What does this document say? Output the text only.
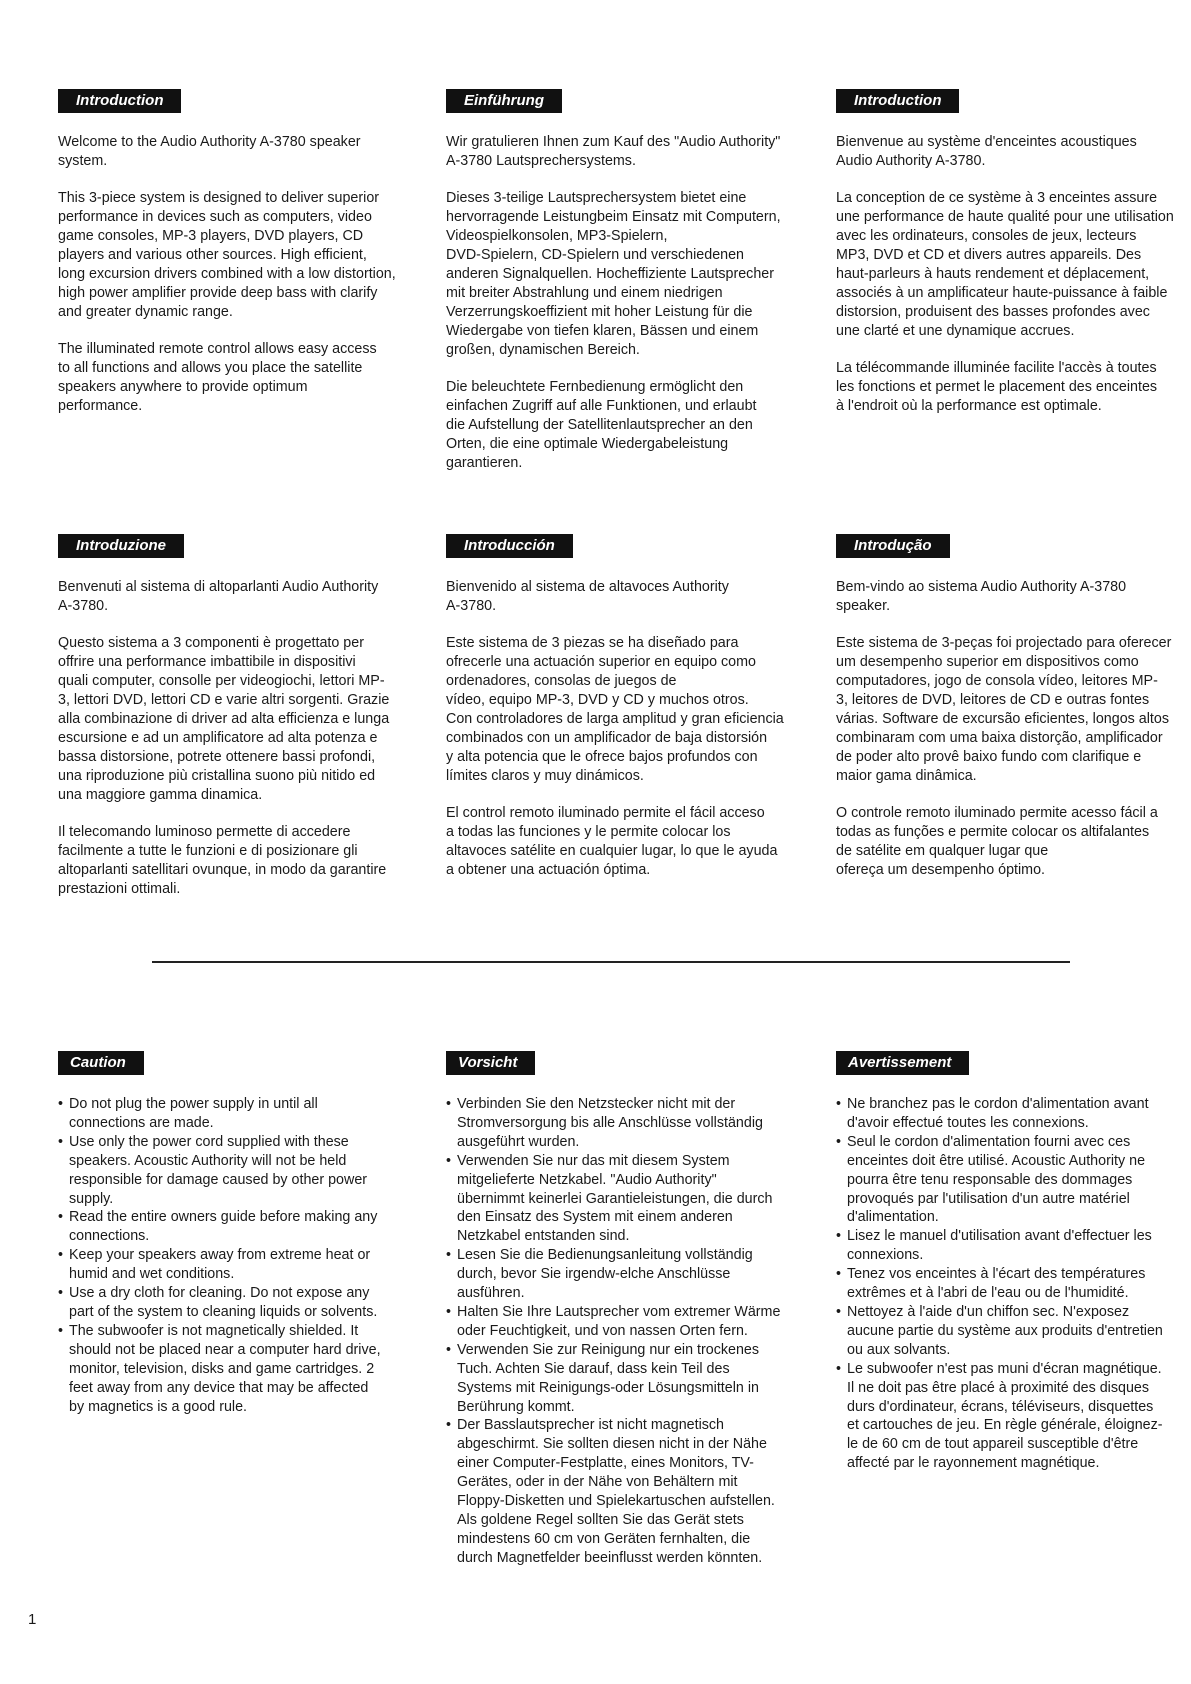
Introduction

Welcome to the Audio Authority A-3780 speaker
system.

This 3-piece system is designed to deliver superior
performance in devices such as computers, video
game consoles, MP-3 players, DVD players, CD
players and various other sources. High efficient,
long excursion drivers combined with a low distortion,
high power amplifier provide deep bass with clarify
and greater dynamic range.

The illuminated remote control allows easy access
to all functions and allows you place the satellite
speakers anywhere to provide optimum
performance.

Einführung

Wir gratulieren Ihnen zum Kauf des "Audio Authority"
A-3780 Lautsprechersystems.

Dieses 3-teilige Lautsprechersystem bietet eine
hervorragende Leistungbeim Einsatz mit Computern,
Videospielkonsolen, MP3-Spielern,
DVD-Spielern, CD-Spielern und verschiedenen
anderen Signalquellen. Hocheffiziente Lautsprecher
mit breiter Abstrahlung und einem niedrigen
Verzerrungskoeffizient mit hoher Leistung für die
Wiedergabe von tiefen klaren, Bässen und einem
großen, dynamischen Bereich.

Die beleuchtete Fernbedienung ermöglicht den
einfachen Zugriff auf alle Funktionen, und erlaubt
die Aufstellung der Satellitenlautsprecher an den
Orten, die eine optimale Wiedergabeleistung
garantieren.

Introduction

Bienvenue au système d'enceintes acoustiques
Audio Authority A-3780.

La conception de ce système à 3 enceintes assure
une performance de haute qualité pour une utilisation
avec les ordinateurs, consoles de jeux, lecteurs
MP3, DVD et CD et divers autres appareils. Des
haut-parleurs à hauts rendement et déplacement,
associés à un amplificateur haute-puissance à faible
distorsion, produisent des basses profondes avec
une clarté et une dynamique accrues.

La télécommande illuminée facilite l'accès à toutes
les fonctions et permet le placement des enceintes
à l'endroit où la performance est optimale.

Introduzione

Benvenuti al sistema di altoparlanti Audio Authority
A-3780.

Questo sistema a 3 componenti è progettato per
offrire una performance imbattibile in dispositivi
quali computer, consolle per videogiochi, lettori MP-
3, lettori DVD, lettori CD e varie altri sorgenti. Grazie
alla combinazione di driver ad alta efficienza e lunga
escursione e ad un amplificatore ad alta potenza e
bassa distorsione, potrete ottenere bassi profondi,
una riproduzione più cristallina suono più nitido ed
una maggiore gamma dinamica.

Il telecomando luminoso permette di accedere
facilmente a tutte le funzioni e di posizionare gli
altoparlanti satellitari ovunque, in modo da garantire
prestazioni ottimali.

Introducción

Bienvenido al sistema de altavoces Authority
A-3780.

Este sistema de 3 piezas se ha diseñado para
ofrecerle una actuación superior en equipo como
ordenadores, consolas de juegos de
vídeo, equipo MP-3, DVD y CD y muchos otros.
Con controladores de larga amplitud y gran eficiencia
combinados con un amplificador de baja distorsión
y alta potencia que le ofrece bajos profundos con
límites claros y muy dinámicos.

El control remoto iluminado permite el fácil acceso
a todas las funciones y le permite colocar los
altavoces satélite en cualquier lugar, lo que le ayuda
a obtener una actuación óptima.

Introdução

Bem-vindo ao sistema Audio Authority A-3780
speaker.

Este sistema de 3-peças foi projectado para oferecer
um desempenho superior em dispositivos como
computadores, jogo de consola vídeo, leitores MP-
3, leitores de DVD, leitores de CD e outras fontes
várias. Software de excursão eficientes, longos altos
combinaram com uma baixa distorção, amplificador
de poder alto provê baixo fundo com clarifique e
maior gama dinâmica.

O controle remoto iluminado permite acesso fácil a
todas as funções e permite colocar os altifalantes
de satélite em qualquer lugar que
ofereça um desempenho óptimo.

Caution
• Do not plug the power supply in until all
connections are made.
• Use only the power cord supplied with these
speakers. Acoustic Authority will not be held
responsible for damage caused by other power
supply.
• Read the entire owners guide before making any
connections.
• Keep your speakers away from extreme heat or
humid and wet conditions.
• Use a dry cloth for cleaning. Do not expose any
part of the system to cleaning liquids or solvents.
• The subwoofer is not magnetically shielded. It
should not be placed near a computer hard drive,
monitor, television, disks and game cartridges. 2
feet away from any device that may be affected
by magnetics is a good rule.
Vorsicht
• Verbinden Sie den Netzstecker nicht mit der
Stromversorgung bis alle Anschlüsse vollständig
ausgeführt wurden.
• Verwenden Sie nur das mit diesem System
mitgelieferte Netzkabel. "Audio Authority"
übernimmt keinerlei Garantieleistungen, die durch
den Einsatz des System mit einem anderen
Netzkabel entstanden sind.
• Lesen Sie die Bedienungsanleitung vollständig
durch, bevor Sie irgendw-elche Anschlüsse
ausführen.
• Halten Sie Ihre Lautsprecher vom extremer Wärme
oder Feuchtigkeit, und von nassen Orten fern.
• Verwenden Sie zur Reinigung nur ein trockenes
Tuch. Achten Sie darauf, dass kein Teil des
Systems mit Reinigungs-oder Lösungsmitteln in
Berührung kommt.
• Der Basslautsprecher ist nicht magnetisch
abgeschirmt. Sie sollten diesen nicht in der Nähe
einer Computer-Festplatte, eines Monitors, TV-
Gerätes, oder in der Nähe von Behältern mit
Floppy-Disketten und Spielekartuschen aufstellen.
Als goldene Regel sollten Sie das Gerät stets
mindestens 60 cm von Geräten fernhalten, die
durch Magnetfelder beeinflusst werden könnten.
Avertissement
• Ne branchez pas le cordon d'alimentation avant
d'avoir effectué toutes les connexions.
• Seul le cordon d'alimentation fourni avec ces
enceintes doit être utilisé. Acoustic Authority ne
pourra être tenu responsable des dommages
provoqués par l'utilisation d'un autre matériel
d'alimentation.
• Lisez le manuel d'utilisation avant d'effectuer les
connexions.
• Tenez vos enceintes à l'écart des températures
extrêmes et à l'abri de l'eau ou de l'humidité.
• Nettoyez à l'aide d'un chiffon sec. N'exposez
aucune partie du système aux produits d'entretien
ou aux solvants.
• Le subwoofer n'est pas muni d'écran magnétique.
Il ne doit pas être placé à proximité des disques
durs d'ordinateur, écrans, téléviseurs, disquettes
et cartouches de jeu. En règle générale, éloignez-
le de 60 cm de tout appareil susceptible d'être
affecté par le rayonnement magnétique.
1
